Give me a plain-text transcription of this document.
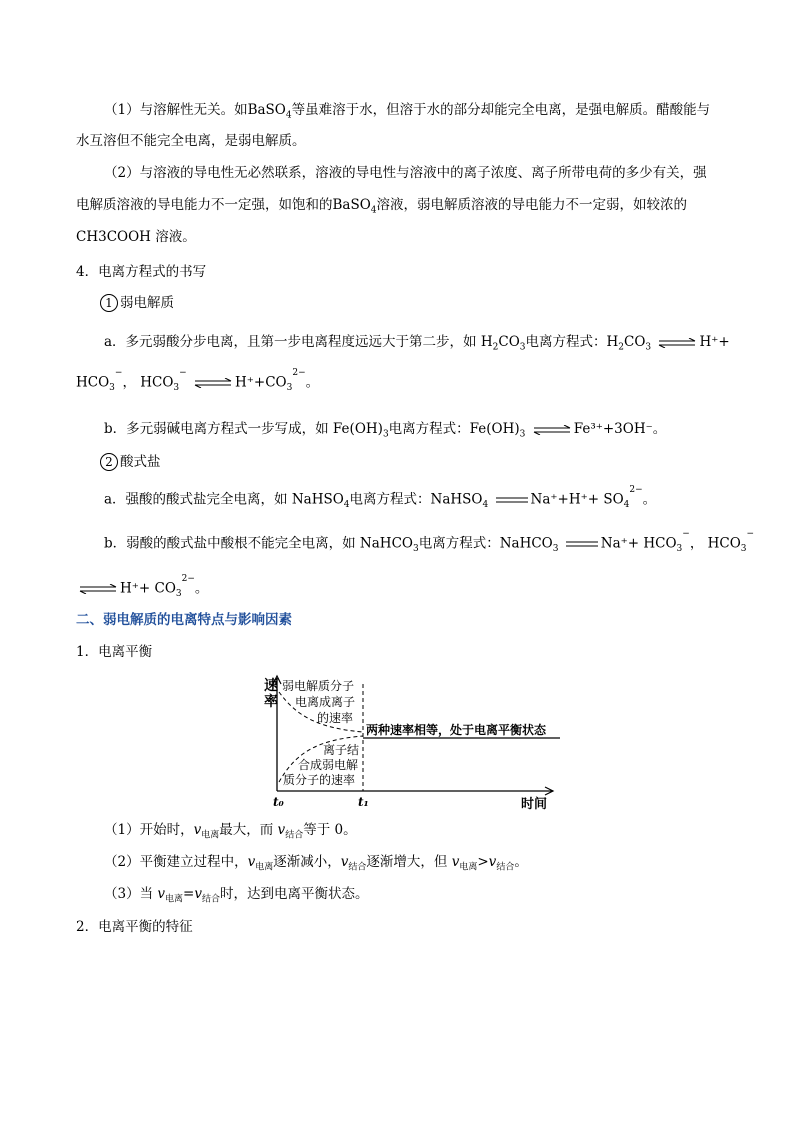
（1）与溶解性无关。如BaSO$_4$等虽难溶于水，但溶于水的部分却能完全电离，是强电解质。醋酸能与
水互溶但不能完全电离，是弱电解质。
（2）与溶液的导电性无必然联系，溶液的导电性与溶液中的离子浓度、离子所带电荷的多少有关，强
电解质溶液的导电能力不一定强，如饱和的BaSO$_4$溶液，弱电解质溶液的导电能力不一定弱，如较浓的
CH3COOH 溶液。
4．电离方程式的书写
1 弱电解质
a．多元弱酸分步电离，且第一步电离程度远远大于第二步，如 $H_2CO_3$电离方程式：$H_2CO_3$ ⇌ H⁺+
$HCO_3^-$， $HCO_3^-$ ⇌ $H^++CO_3^{2-}$。
b．多元弱碱电离方程式一步写成，如 $Fe(OH)_3$电离方程式：$Fe(OH)_3$ ⇌ Fe³⁺+3OH⁻。
2 酸式盐
a．强酸的酸式盐完全电离，如 NaHSO$_4$电离方程式：NaHSO$_4$	$Na^++H^++ SO_4^{2-}$。
b．弱酸的酸式盐中酸根不能完全电离，如 NaHCO$_3$电离方程式：NaHCO$_3$	$Na^++ HCO_3^-$， $HCO_3^-$
⇌ $H^++ CO_3^{2-}$。
二、弱电解质的电离特点与影响因素
1．电离平衡
速
率
弱电解质分子
电离成离子
的速率
离子结
合成弱电解
质分子的速率
两种速率相等，处于电离平衡状态
t₀	t₁	时间
（1）开始时，$v_{电离}$最大，而 $v_{结合}$等于 0。
（2）平衡建立过程中，$v_{电离}$逐渐减小，$v_{结合}$逐渐增大，但 $v_{电离}>v_{结合}$。
（3）当 $v_{电离}=v_{结合}$时，达到电离平衡状态。
2．电离平衡的特征
